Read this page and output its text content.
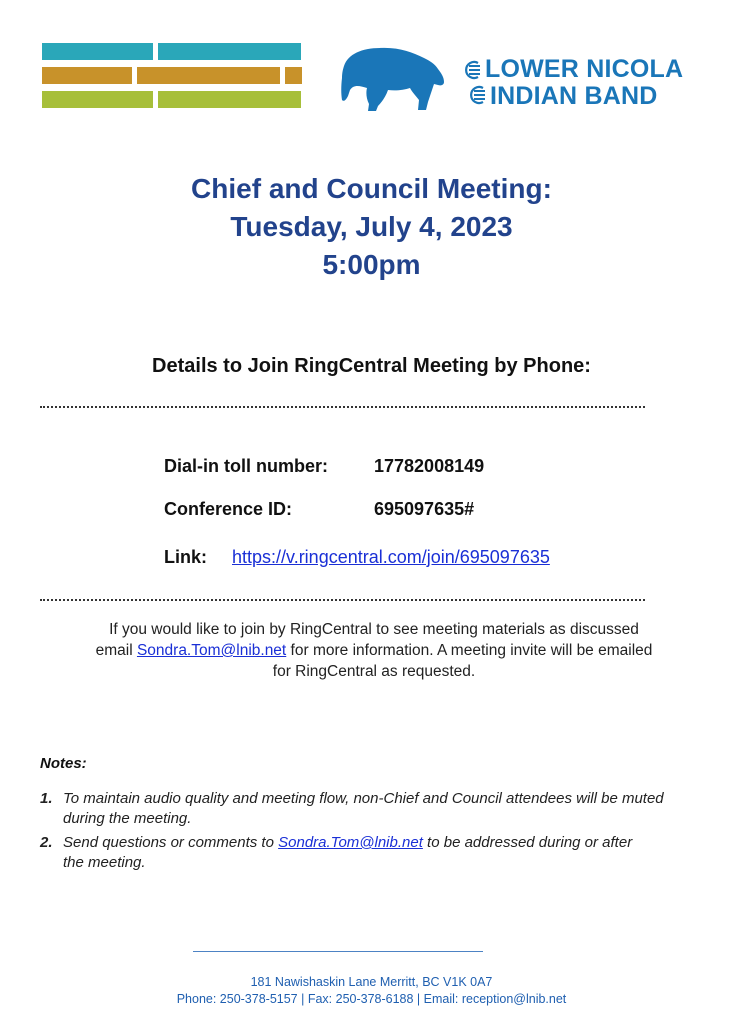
LOWER NICOLA
INDIAN BAND
Chief and Council Meeting:
Tuesday, July 4, 2023
5:00pm
Details to Join RingCentral Meeting by Phone:
Dial-in toll number:	17782008149
Conference ID:	695097635#
Link: https://v.ringcentral.com/join/695097635
If you would like to join by RingCentral to see meeting materials as discussed
email Sondra.Tom@lnib.net for more information. A meeting invite will be emailed
for RingCentral as requested.
Notes:
1. To maintain audio quality and meeting flow, non-Chief and Council attendees will be muted during the meeting.
2. Send questions or comments to Sondra.Tom@lnib.net to be addressed during or after the meeting.
181 Nawishaskin Lane Merritt, BC V1K 0A7
Phone: 250-378-5157 | Fax: 250-378-6188 | Email: reception@lnib.net
